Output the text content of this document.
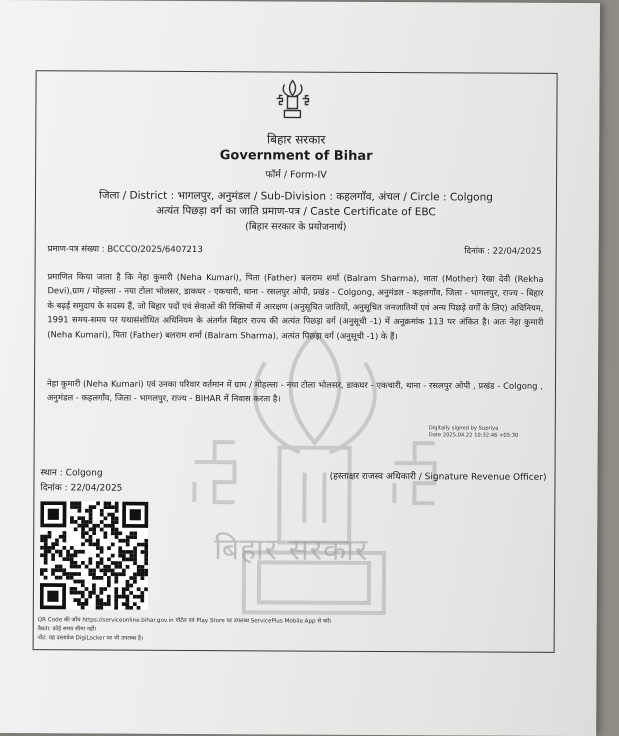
बिहार सरकार
बिहार सरकार
Government of Bihar
फॉर्म / Form-IV
जिला / District : भागलपुर, अनुमंडल / Sub-Division : कहलगाँव, अंचल / Circle : Colgong
अत्यंत पिछड़ा वर्ग का जाति प्रमाण-पत्र / Caste Certificate of EBC
(बिहार सरकार के प्रयोजनार्थ)
प्रमाण-पत्र संख्या : BCCCO/2025/6407213	दिनांक : 22/04/2025
प्रमाणित किया जाता है कि नेहा कुमारी (Neha Kumari), पिता (Father) बलराम शर्मा (Balram Sharma), माता (Mother) रेखा देवी (Rekha Devi),ग्राम / मोहल्ला - नया टोला भोलसर, डाकघर - एकचारी, थाना - रसलपुर ओपी, प्रखंड - Colgong, अनुमंडल - कहलगाँव, जिला - भागलपुर, राज्य - बिहार के बढ़ई समुदाय के सदस्य हैं, जो बिहार पदों एवं सेवाओं की रिक्तियों में आरक्षण (अनुसूचित जातियों, अनुसूचित जनजातियों एवं अन्य पिछड़े वर्गों के लिए) अधिनियम, 1991 समय-समय पर यथासंशोधित अधिनियम के अंतर्गत बिहार राज्य की अत्यंत पिछड़ा वर्ग (अनुसूची -1) में अनुक्रमांक 113 पर अंकित है। अतः नेहा कुमारी (Neha Kumari), पिता (Father) बलराम शर्मा (Balram Sharma), अत्यंत पिछड़ा वर्ग (अनुसूची -1) के हैं।
नेहा कुमारी (Neha Kumari) एवं उनका परिवार वर्तमान में ग्राम / मोहल्ला - नया टोला भोलसर, डाकघर - एकचारी, थाना - रसलपुर ओपी , प्रखंड - Colgong , अनुमंडल - कहलगाँव, जिला - भागलपुर, राज्य - BIHAR में निवास करता है।
Digitally signed by Supriya
Date 2025.04.22 10:32:46 +05:30
स्थान : Colgong
दिनांक : 22/04/2025
(हस्ताक्षर राजस्व अधिकारी / Signature Revenue Officer)
QR Code की जाँच https://serviceonline.bihar.gov.in पोर्टल एवं Play Store पर उपलब्ध ServicePlus Mobile App से करें।
वैधता: कोई समय सीमा नहीं।
नोट: यह दस्तावेज DigiLocker पर भी उपलब्ध है।
